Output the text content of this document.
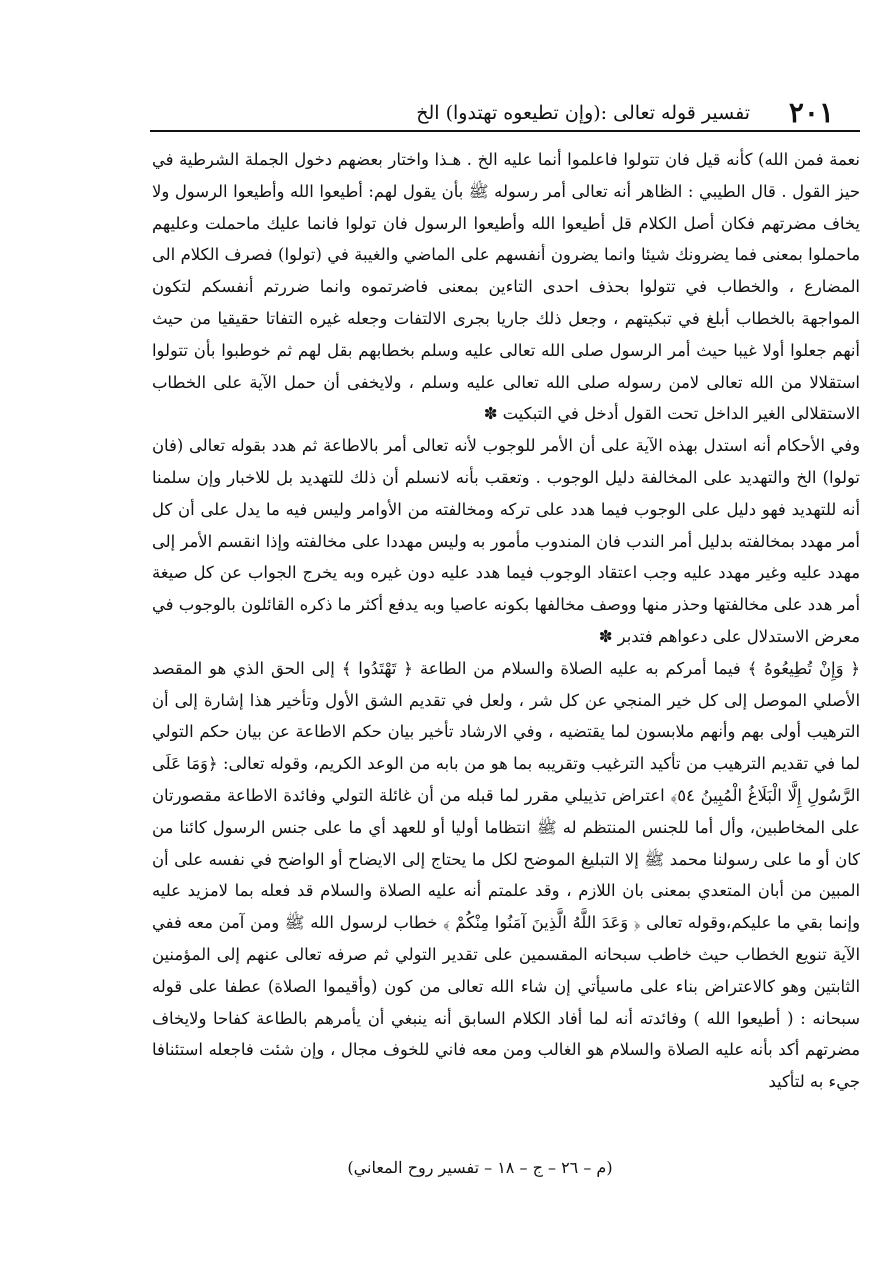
٢٠١
تفسير قوله تعالى :(وإن تطيعوه تهتدوا) الخ

نعمة فمن الله) كأنه قيل فان تتولوا فاعلموا أنما عليه الخ . هـذا واختار بعضهم دخول الجملة الشرطية في حيز القول . قال الطيبي : الظاهر أنه تعالى أمر رسوله ﷺ بأن يقول لهم: أطيعوا الله وأطيعوا الرسول ولا يخاف مضرتهم فكان أصل الكلام قل أطيعوا الله وأطيعوا الرسول فان تولوا فانما عليك ماحملت وعليهم ماحملوا بمعنى فما يضرونك شيئا وانما يضرون أنفسهم على الماضي والغيبة في (تولوا) فصرف الكلام الى المضارع ، والخطاب في تتولوا بحذف احدى التاءين بمعنى فاضرتموه وانما ضررتم أنفسكم لتكون المواجهة بالخطاب أبلغ في تبكيتهم ، وجعل ذلك جاريا بجرى الالتفات وجعله غيره التفاتا حقيقيا من حيث أنهم جعلوا أولا غيبا حيث أمر الرسول صلى الله تعالى عليه وسلم بخطابهم بقل لهم ثم خوطبوا بأن تتولوا استقلالا من الله تعالى لامن رسوله صلى الله تعالى عليه وسلم ، ولايخفى أن حمل الآية على الخطاب الاستقلالى الغير الداخل تحت القول أدخل في التبكيت ✽

وفي الأحكام أنه استدل بهذه الآية على أن الأمر للوجوب لأنه تعالى أمر بالاطاعة ثم هدد بقوله تعالى (فان تولوا) الخ والتهديد على المخالفة دليل الوجوب . وتعقب بأنه لانسلم أن ذلك للتهديد بل للاخبار وإن سلمنا أنه للتهديد فهو دليل على الوجوب فيما هدد على تركه ومخالفته من الأوامر وليس فيه ما يدل على أن كل أمر مهدد بمخالفته بدليل أمر الندب فان المندوب مأمور به وليس مهددا على مخالفته وإذا انقسم الأمر إلى مهدد عليه وغير مهدد عليه وجب اعتقاد الوجوب فيما هدد عليه دون غيره وبه يخرج الجواب عن كل صيغة أمر هدد على مخالفتها وحذر منها ووصف مخالفها بكونه عاصيا وبه يدفع أكثر ما ذكره القائلون بالوجوب في معرض الاستدلال على دعواهم فتدبر ✽

﴿ وَإِنْ تُطِيعُوهُ ﴾ فيما أمركم به عليه الصلاة والسلام من الطاعة ﴿ تَهْتَدُوا ﴾ إلى الحق الذي هو المقصد الأصلي الموصل إلى كل خير المنجي عن كل شر ، ولعل في تقديم الشق الأول وتأخير هذا إشارة إلى أن الترهيب أولى بهم وأنهم ملابسون لما يقتضيه ، وفي الارشاد تأخير بيان حكم الاطاعة عن بيان حكم التولي لما في تقديم الترهيب من تأكيد الترغيب وتقريبه بما هو من بابه من الوعد الكريم، وقوله تعالى: ﴿وَمَا عَلَى الرَّسُولِ إِلَّا الْبَلَاغُ الْمُبِينُ ٥٤﴾ اعتراض تذييلي مقرر لما قبله من أن غائلة التولي وفائدة الاطاعة مقصورتان على المخاطبين، وأل أما للجنس المنتظم له ﷺ انتظاما أوليا أو للعهد أي ما على جنس الرسول كائنا من كان أو ما على رسولنا محمد ﷺ إلا التبليغ الموضح لكل ما يحتاج إلى الايضاح أو الواضح في نفسه على أن المبين من أبان المتعدي بمعنى بان اللازم ، وقد علمتم أنه عليه الصلاة والسلام قد فعله بما لامزيد عليه وإنما بقي ما عليكم،وقوله تعالى ﴿ وَعَدَ اللَّهُ الَّذِينَ آمَنُوا مِنْكُمْ ﴾ خطاب لرسول الله ﷺ ومن آمن معه ففي الآية تنويع الخطاب حيث خاطب سبحانه المقسمين على تقدير التولي ثم صرفه تعالى عنهم إلى المؤمنين الثابتين وهو كالاعتراض بناء على ماسيأتي إن شاء الله تعالى من كون (وأقيموا الصلاة) عطفا على قوله سبحانه : ( أطيعوا الله ) وفائدته أنه لما أفاد الكلام السابق أنه ينبغي أن يأمرهم بالطاعة كفاحا ولايخاف مضرتهم أكد بأنه عليه الصلاة والسلام هو الغالب ومن معه فاني للخوف مجال ، وإن شئت فاجعله استئنافا جيء به لتأكيد

(م – ٢٦ – ج – ١٨ – تفسير روح المعاني)
